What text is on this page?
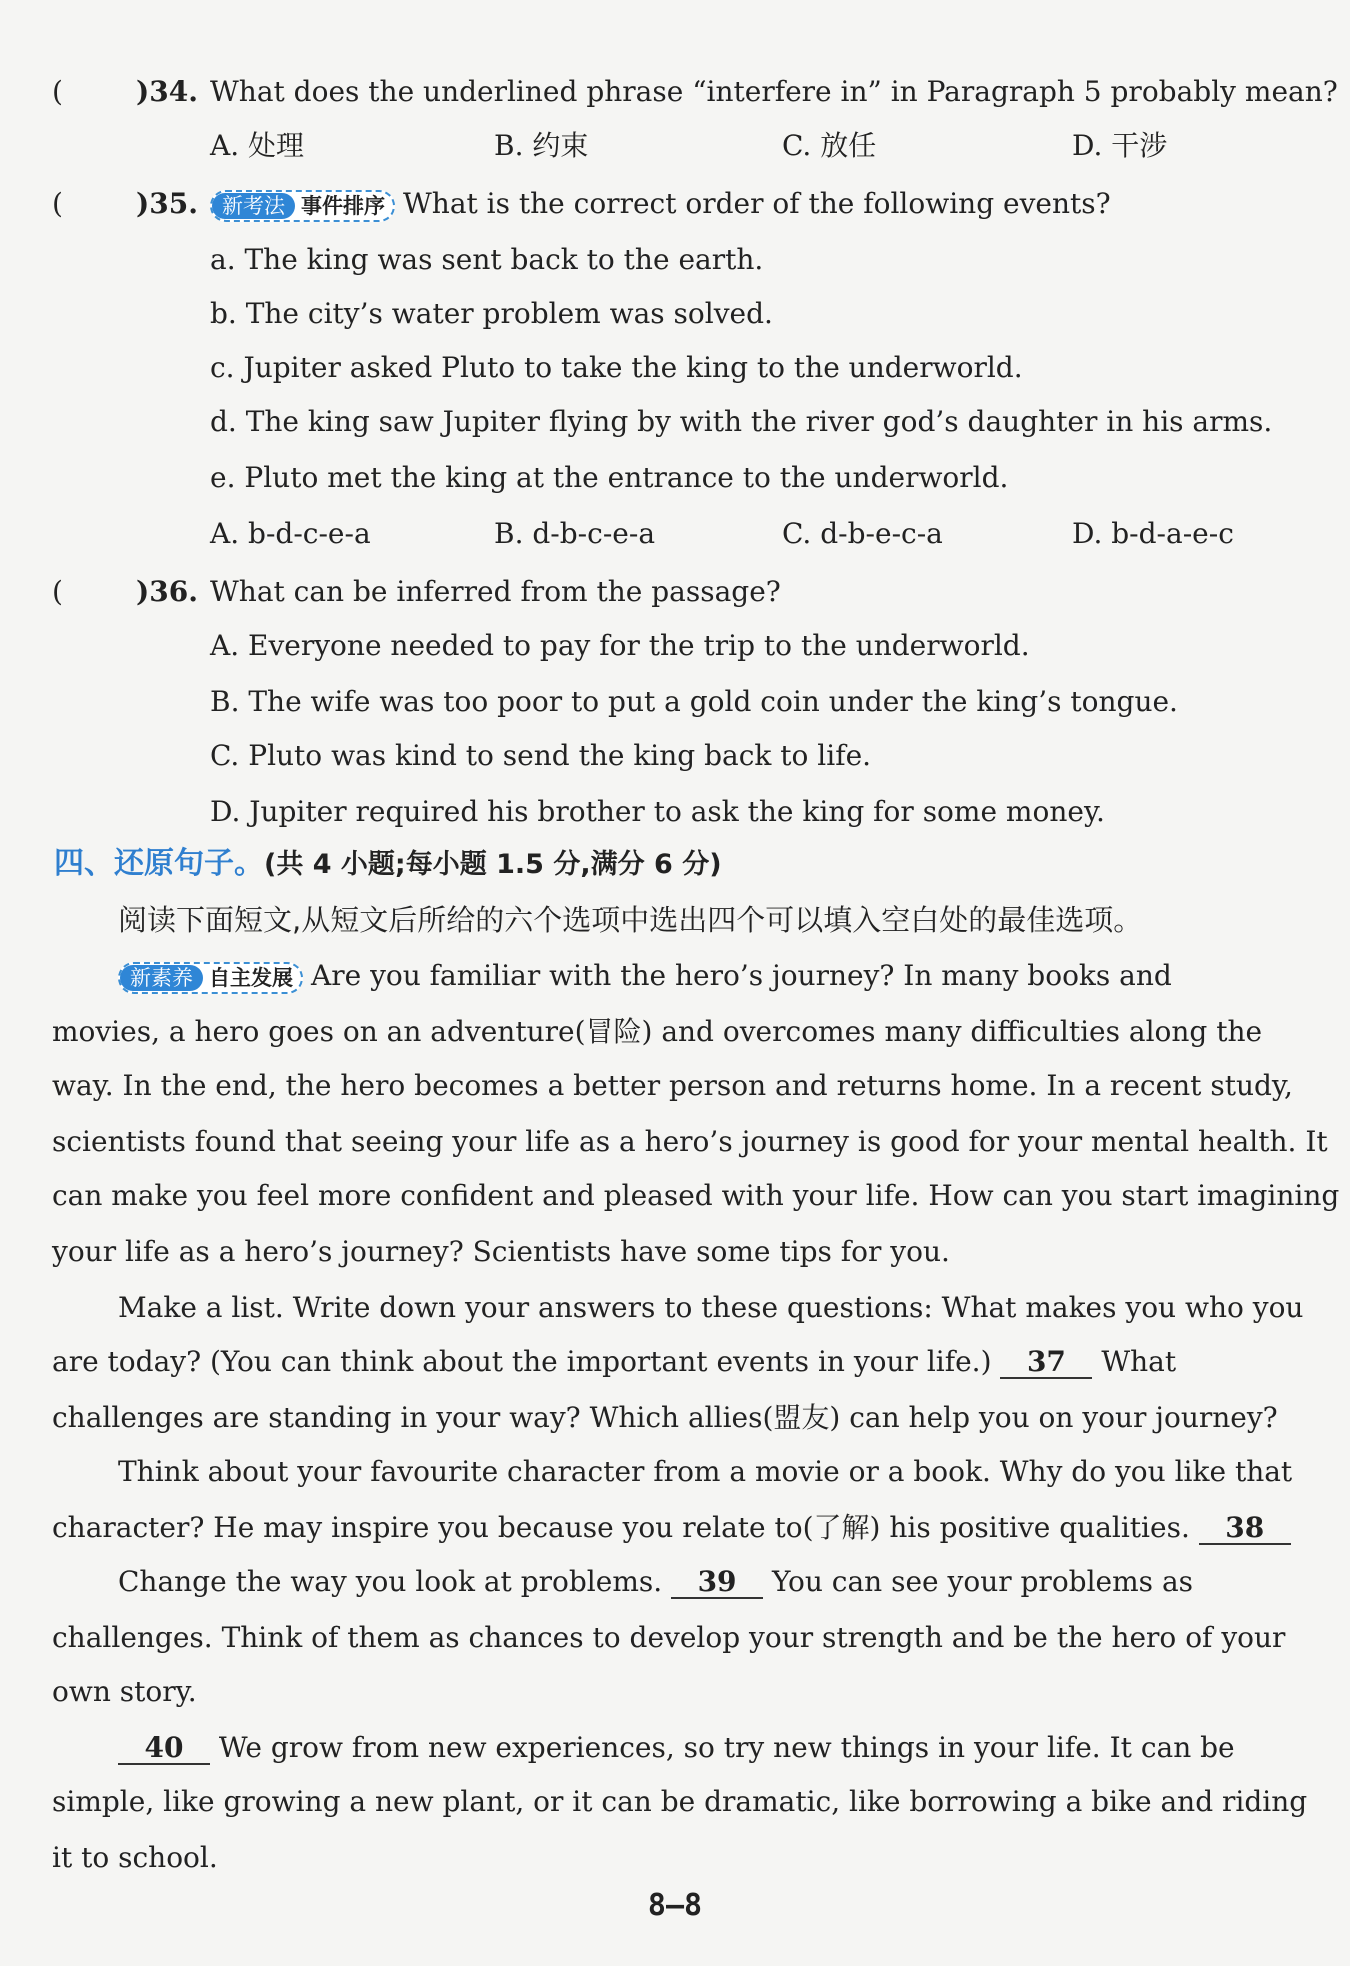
(	)34. What does the underlined phrase “interfere in” in Paragraph 5 probably mean?
A. 处理	B. 约束	C. 放任	D. 干涉
(	)35.	新考法 事件排序 What is the correct order of the following events?
a. The king was sent back to the earth.
b. The city’s water problem was solved.
c. Jupiter asked Pluto to take the king to the underworld.
d. The king saw Jupiter flying by with the river god’s daughter in his arms.
e. Pluto met the king at the entrance to the underworld.
A. b-d-c-e-a	B. d-b-c-e-a	C. d-b-e-c-a	D. b-d-a-e-c
(	)36. What can be inferred from the passage?
A. Everyone needed to pay for the trip to the underworld.
B. The wife was too poor to put a gold coin under the king’s tongue.
C. Pluto was kind to send the king back to life.
D. Jupiter required his brother to ask the king for some money.
四、还原句子。(共 4 小题;每小题 1.5 分,满分 6 分)
阅读下面短文,从短文后所给的六个选项中选出四个可以填入空白处的最佳选项。
新素养 自主发展 Are you familiar with the hero’s journey? In many books and
movies, a hero goes on an adventure(冒险) and overcomes many difficulties along the
way. In the end, the hero becomes a better person and returns home. In a recent study,
scientists found that seeing your life as a hero’s journey is good for your mental health. It
can make you feel more confident and pleased with your life. How can you start imagining
your life as a hero’s journey? Scientists have some tips for you.
Make a list. Write down your answers to these questions: What makes you who you
are today? (You can think about the important events in your life.) 37 What
challenges are standing in your way? Which allies(盟友) can help you on your journey?
Think about your favourite character from a movie or a book. Why do you like that
character? He may inspire you because you relate to(了解) his positive qualities. 38
Change the way you look at problems. 39 You can see your problems as
challenges. Think of them as chances to develop your strength and be the hero of your
own story.
40 We grow from new experiences, so try new things in your life. It can be
simple, like growing a new plant, or it can be dramatic, like borrowing a bike and riding
it to school.
8—8
